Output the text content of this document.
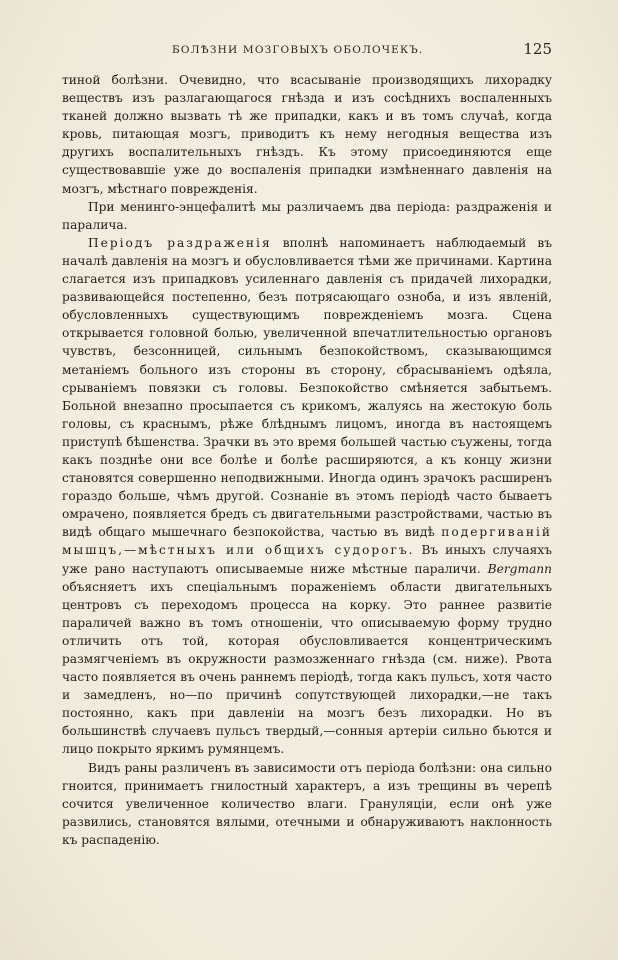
БОЛѢЗНИ МОЗГОВЫХЪ ОБОЛОЧЕКЪ.	125

тиной болѣзни. Очевидно, что всасываніе производящихъ лихорадку веществъ изъ разлагающагося гнѣзда и изъ сосѣднихъ воспаленныхъ тканей должно вызвать тѣ же припадки, какъ и въ томъ случаѣ, когда кровь, питающая мозгъ, приводитъ къ нему негодныя вещества изъ другихъ воспалительныхъ гнѣздъ. Къ этому присоединяются еще существовавшіе уже до воспаленія припадки измѣненнаго давленія на мозгъ, мѣстнаго поврежденія.

При менинго-энцефалитѣ мы различаемъ два періода: раздраженія и паралича.

Періодъ раздраженія вполнѣ напоминаетъ наблюдаемый въ началѣ давленія на мозгъ и обусловливается тѣми же причинами. Картина слагается изъ припадковъ усиленнаго давленія съ придачей лихорадки, развивающейся постепенно, безъ потрясающаго озноба, и изъ явленій, обусловленныхъ существующимъ поврежденіемъ мозга. Сцена открывается головной болью, увеличенной впечатлительностью органовъ чувствъ, безсонницей, сильнымъ безпокойствомъ, сказывающимся метаніемъ больного изъ стороны въ сторону, сбрасываніемъ одѣяла, срываніемъ повязки съ головы. Безпокойство смѣняется забытьемъ. Больной внезапно просыпается съ крикомъ, жалуясь на жестокую боль головы, съ краснымъ, рѣже блѣднымъ лицомъ, иногда въ настоящемъ приступѣ бѣшенства. Зрачки въ это время большей частью съужены, тогда какъ позднѣе они все болѣе и болѣе расширяются, а къ концу жизни становятся совершенно неподвижными. Иногда одинъ зрачокъ расширенъ гораздо больше, чѣмъ другой. Сознаніе въ этомъ періодѣ часто бываетъ омрачено, появляется бредъ съ двигательными разстройствами, частью въ видѣ общаго мышечнаго безпокойства, частью въ видѣ подергиваній мышцъ,—мѣстныхъ или общихъ судорогъ. Въ иныхъ случаяхъ уже рано наступаютъ описываемые ниже мѣстные параличи. Bergmann объясняетъ ихъ спеціальнымъ пораженіемъ области двигательныхъ центровъ съ переходомъ процесса на корку. Это раннее развитіе параличей важно въ томъ отношеніи, что описываемую форму трудно отличить отъ той, которая обусловливается концентрическимъ размягченіемъ въ окружности размозженнаго гнѣзда (см. ниже). Рвота часто появляется въ очень раннемъ періодѣ, тогда какъ пульсъ, хотя часто и замедленъ, но—по причинѣ сопутствующей лихорадки,—не такъ постоянно, какъ при давленіи на мозгъ безъ лихорадки. Но въ большинствѣ случаевъ пульсъ твердый,—сонныя артеріи сильно бьются и лицо покрыто яркимъ румянцемъ.

Видъ раны различенъ въ зависимости отъ періода болѣзни: она сильно гноится, принимаетъ гнилостный характеръ, а изъ трещины въ черепѣ сочится увеличенное количество влаги. Грануляціи, если онѣ уже развились, становятся вялыми, отечными и обнаруживаютъ наклонность къ распаденію.
